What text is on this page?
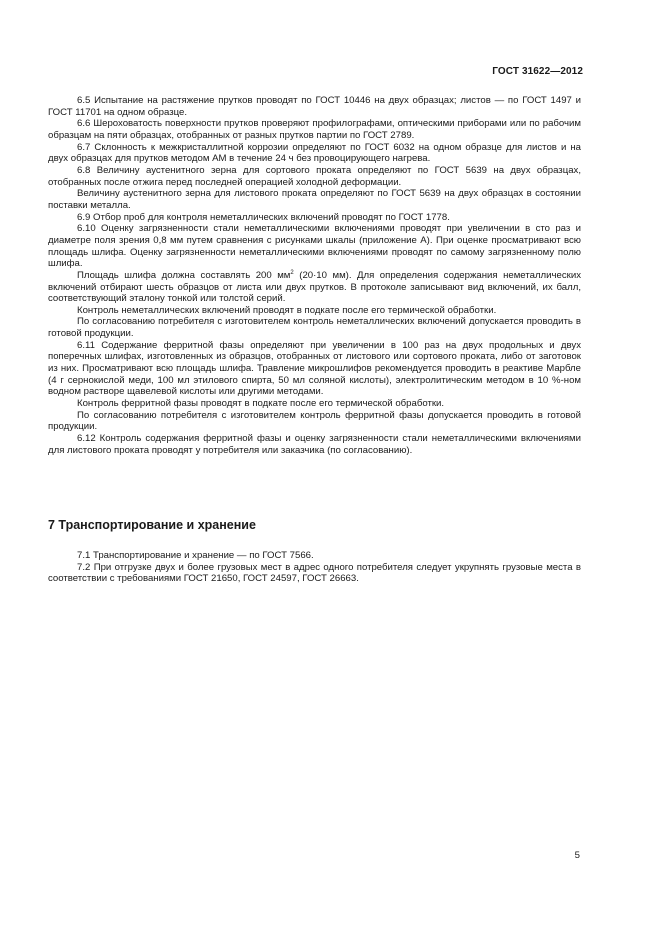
ГОСТ 31622—2012

6.5 Испытание на растяжение прутков проводят по ГОСТ 10446 на двух образцах; листов — по ГОСТ 1497 и ГОСТ 11701 на одном образце.

6.6 Шероховатость поверхности прутков проверяют профилографами, оптическими приборами или по рабочим образцам на пяти образцах, отобранных от разных прутков партии по ГОСТ 2789.

6.7 Склонность к межкристаллитной коррозии определяют по ГОСТ 6032 на одном образце для листов и на двух образцах для прутков методом АМ в течение 24 ч без провоцирующего нагрева.

6.8 Величину аустенитного зерна для сортового проката определяют по ГОСТ 5639 на двух образцах, отобранных после отжига перед последней операцией холодной деформации.

Величину аустенитного зерна для листового проката определяют по ГОСТ 5639 на двух образцах в состоянии поставки металла.

6.9 Отбор проб для контроля неметаллических включений проводят по ГОСТ 1778.

6.10 Оценку загрязненности стали неметаллическими включениями проводят при увеличении в сто раз и диаметре поля зрения 0,8 мм путем сравнения с рисунками шкалы (приложение А). При оценке просматривают всю площадь шлифа. Оценку загрязненности неметаллическими включениями проводят по самому загрязненному полю шлифа.

Площадь шлифа должна составлять 200 $мм^2$ (20·10 мм). Для определения содержания неметаллических включений отбирают шесть образцов от листа или двух прутков. В протоколе записывают вид включений, их балл, соответствующий эталону тонкой или толстой серий.

Контроль неметаллических включений проводят в подкате после его термической обработки.

По согласованию потребителя с изготовителем контроль неметаллических включений допускается проводить в готовой продукции.

6.11 Содержание ферритной фазы определяют при увеличении в 100 раз на двух продольных и двух поперечных шлифах, изготовленных из образцов, отобранных от листового или сортового проката, либо от заготовок из них. Просматривают всю площадь шлифа. Травление микрошлифов рекомендуется проводить в реактиве Марбле (4 г сернокислой меди, 100 мл этилового спирта, 50 мл соляной кислоты), электролитическим методом в 10 %-ном водном растворе щавелевой кислоты или другими методами.

Контроль ферритной фазы проводят в подкате после его термической обработки.

По согласованию потребителя с изготовителем контроль ферритной фазы допускается проводить в готовой продукции.

6.12 Контроль содержания ферритной фазы и оценку загрязненности стали неметаллическими включениями для листового проката проводят у потребителя или заказчика (по согласованию).

7 Транспортирование и хранение

7.1 Транспортирование и хранение — по ГОСТ 7566.

7.2 При отгрузке двух и более грузовых мест в адрес одного потребителя следует укрупнять грузовые места в соответствии с требованиями ГОСТ 21650, ГОСТ 24597, ГОСТ 26663.

5
